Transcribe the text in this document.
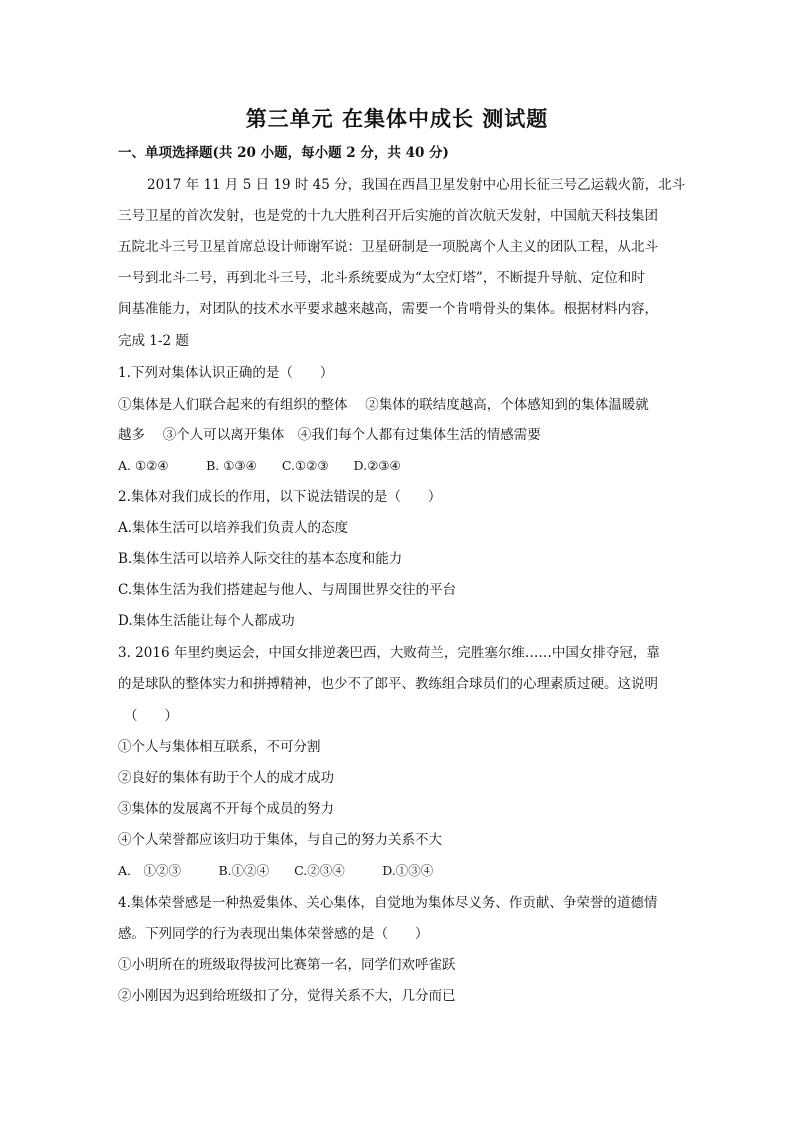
第三单元 在集体中成长 测试题
一、单项选择题(共 20 小题，每小题 2 分，共 40 分)
2017 年 11 月 5 日 19 时 45 分，我国在西昌卫星发射中心用长征三号乙运载火箭，北斗
三号卫星的首次发射，也是党的十九大胜利召开后实施的首次航天发射，中国航天科技集团
五院北斗三号卫星首席总设计师谢军说：卫星研制是一项脱离个人主义的团队工程，从北斗
一号到北斗二号，再到北斗三号，北斗系统要成为“太空灯塔”，不断提升导航、定位和时
间基准能力，对团队的技术水平要求越来越高，需要一个肯啃骨头的集体。根据材料内容，
完成 1-2 题
1.下列对集体认识正确的是（　　）
①集体是人们联合起来的有组织的整体　 ②集体的联结度越高，个体感知到的集体温暖就
越多　 ③个人可以离开集体　④我们每个人都有过集体生活的情感需要
A. ①②④　　　B. ①③④　　C.①②③　　D.②③④
2.集体对我们成长的作用，以下说法错误的是（　　）
A.集体生活可以培养我们负责人的态度
B.集体生活可以培养人际交往的基本态度和能力
C.集体生活为我们搭建起与他人、与周围世界交往的平台
D.集体生活能让每个人都成功
3. 2016 年里约奥运会，中国女排逆袭巴西，大败荷兰，完胜塞尔维……中国女排夺冠，靠
的是球队的整体实力和拼搏精神，也少不了郎平、教练组合球员们的心理素质过硬。这说明
（　　）
①个人与集体相互联系，不可分割
②良好的集体有助于个人的成才成功
③集体的发展离不开每个成员的努力
④个人荣誉都应该归功于集体，与自己的努力关系不大
A.　①②③　　　B.①②④　　C.②③④　　　D.①③④
4.集体荣誉感是一种热爱集体、关心集体，自觉地为集体尽义务、作贡献、争荣誉的道德情
感。下列同学的行为表现出集体荣誉感的是（　　）
①小明所在的班级取得拔河比赛第一名，同学们欢呼雀跃
②小刚因为迟到给班级扣了分，觉得关系不大，几分而已
